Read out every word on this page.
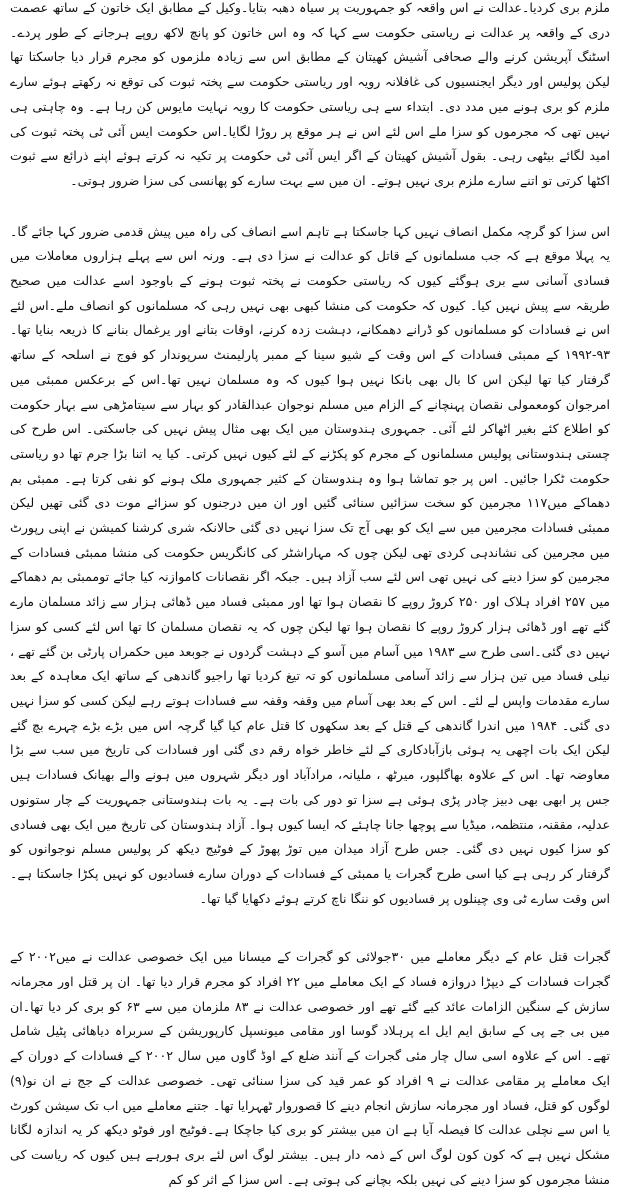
ملزم بری کردیا۔عدالت نے اس واقعہ کو جمہوریت پر سیاہ دھبہ بتایا۔وکیل کے مطابق ایک خاتون کے ساتھ عصمت دری کے واقعہ پر عدالت نے ریاستی حکومت سے کہا کہ وہ اس خاتون کو پانچ لاکھ روپے ہرجانے کے طور پردے۔اسٹنگ آپریشن کرنے والے صحافی آشیش کھیتان کے مطابق اس سے زیادہ ملزموں کو مجرم قرار دیا جاسکتا تھا لیکن پولیس اور دیگر ایجنسیوں کی غافلانہ رویہ اور ریاستی حکومت سے پختہ ثبوت کی توقع نہ رکھتے ہوئے سارے ملزم کو بری ہونے میں مدد دی۔ ابتداء سے ہی ریاستی حکومت کا رویہ نہایت مایوس کن رہا ہے۔ وہ چاہتی ہی نہیں تھی کہ مجرموں کو سزا ملے اس لئے اس نے ہر موقع پر روڑا لگایا۔اس حکومت ایس آئی ٹی پختہ ثبوت کی امید لگائے بیٹھی رہی۔ بقول آشیش کھیتان کے اگر ایس آئی ٹی حکومت پر تکیہ نہ کرتے ہوئے اپنے ذرائع سے ثبوت اکٹھا کرتی تو اتنے سارے ملزم بری نہیں ہوتے۔ ان میں سے بہت سارے کو پھانسی کی سزا ضرور ہوتی۔

اس سزا کو گرچہ مکمل انصاف نہیں کہا جاسکتا ہے تاہم اسے انصاف کی راہ میں پیش قدمی ضرور کہا جائے گا۔یہ پہلا موقع ہے کہ جب مسلمانوں کے قاتل کو عدالت نے سزا دی ہے۔ ورنہ اس سے پہلے ہزاروں معاملات میں فسادی آسانی سے بری ہوگئے کیوں کہ ریاستی حکومت نے پختہ ثبوت ہونے کے باوجود اسے عدالت میں صحیح طریقہ سے پیش نہیں کیا۔ کیوں کہ حکومت کی منشا کبھی بھی نہیں رہی کہ مسلمانوں کو انصاف ملے۔اس لئے اس نے فسادات کو مسلمانوں کو ڈرانے دھمکانے، دہشت زدہ کرنے، اوقات بتانے اور یرغمال بنانے کا ذریعہ بنایا تھا۔ ۹۳-۱۹۹۲ کے ممبئی فسادات کے اس وقت کے شیو سینا کے ممبر پارلیمنٹ سرپوندار کو فوج نے اسلحہ کے ساتھ گرفتار کیا تھا لیکن اس کا بال بھی بانکا نہیں ہوا کیوں کہ وہ مسلمان نہیں تھا۔اس کے برعکس ممبئی میں امرجوان کومعمولی نقصان پہنچانے کے الزام میں مسلم نوجوان عبدالقادر کو بہار سے سیتامڑھی سے بہار حکومت کو اطلاع کئے بغیر اٹھاکر لئے آئی۔ جمہوری ہندوستان میں ایک بھی مثال پیش نہیں کی جاسکتی۔ اس طرح کی چستی ہندوستانی پولیس مسلمانوں کے مجرم کو پکڑنے کے لئے کیوں نہیں کرتی۔ کیا یہ اتنا بڑا جرم تھا دو ریاستی حکومت ٹکرا جائیں۔ اس پر جو تماشا ہوا وہ ہندوستان کے کثیر جمہوری ملک ہونے کو نفی کرتا ہے۔ ممبئی بم دھماکے میں۱۱۷ مجرمین کو سخت سزائیں سنائی گئیں اور ان میں درجنوں کو سزائے موت دی گئی تھیں لیکن ممبئی فسادات مجرمین میں سے ایک کو بھی آج تک سزا نہیں دی گئی حالانکہ شری کرشنا کمیشن نے اپنی رپورٹ میں مجرمین کی نشاندہی کردی تھی لیکن چوں کہ مہاراشٹر کی کانگریس حکومت کی منشا ممبئی فسادات کے مجرمین کو سزا دینے کی نہیں تھی اس لئے سب آزاد ہیں۔ جبکہ اگر نقصانات کاموازنہ کیا جائے توممبئی بم دھماکے میں ۲۵۷ افراد ہلاک اور ۲۵۰ کروڑ روپے کا نقصان ہوا تھا اور ممبئی فساد میں ڈھائی ہزار سے زائد مسلمان مارے گئے تھے اور ڈھائی ہزار کروڑ روپے کا نقصان ہوا تھا لیکن چوں کہ یہ نقصان مسلمان کا تھا اس لئے کسی کو سزا نہیں دی گئی۔اسی طرح سے ۱۹۸۳ میں آسام میں آسو کے دہشت گردوں نے جوبعد میں حکمراں پارٹی بن گئے تھے ، نیلی فساد میں تین ہزار سے زائد آسامی مسلمانوں کو تہ تیغ کردیا تھا راجیو گاندھی کے ساتھ ایک معاہدہ کے بعد سارے مقدمات واپس لے لئے۔ اس کے بعد بھی آسام میں وقفہ وقفہ سے فسادات ہوتے رہے لیکن کسی کو سزا نہیں دی گئی۔ ۱۹۸۴ میں اندرا گاندھی کے قتل کے بعد سکھوں کا قتل عام کیا گیا گرچہ اس میں بڑے بڑے چہرے بچ گئے لیکن ایک بات اچھی یہ ہوئی بازآبادکاری کے لئے خاطر خواہ رقم دی گئی اور فسادات کی تاریخ میں سب سے بڑا معاوضہ تھا۔ اس کے علاوہ بھاگلپور، میرٹھ ، ملیانہ، مرادآباد اور دیگر شہروں میں ہونے والے بھیانک فسادات ہیں جس پر ابھی بھی دبیز چادر پڑی ہوئی ہے سزا تو دور کی بات ہے۔ یہ بات ہندوستانی جمہوریت کے چار ستونوں عدلیہ، مققنہ، منتظمہ، میڈیا سے پوچھا جانا چاہئے کہ ایسا کیوں ہوا۔ آزاد ہندوستان کی تاریخ میں ایک بھی فسادی کو سزا کیوں نہیں دی گئی۔ جس طرح آزاد میدان میں توڑ پھوڑ کے فوٹیج دیکھ کر پولیس مسلم نوجوانوں کو گرفتار کر رہی ہے کیا اسی طرح گجرات یا ممبئی کے فسادات کے دوران سارے فسادیوں کو نہیں پکڑا جاسکتا ہے۔ اس وقت سارے ٹی وی چینلوں پر فسادیوں کو ننگا ناچ کرتے ہوئے دکھایا گیا تھا۔

گجرات قتل عام کے دیگر معاملے میں ۳۰جولائی کو گجرات کے میسانا میں ایک خصوصی عدالت نے میں۲۰۰۲ کے گجرات فسادات کے دیپڑا دروازہ فساد کے ایک معاملے میں ۲۲ افراد کو مجرم قرار دیا تھا۔ ان پر قتل اور مجرمانہ سازش کے سنگین الزامات عائد کیے گئے تھے اور خصوصی عدالت نے ۸۳ ملزمان میں سے ۶۳ کو بری کر دیا تھا۔ان میں بی جے پی کے سابق ایم ایل اے پرہلاد گوسا اور مقامی میونسپل کارپوریشن کے سربراہ دیاھائی پٹیل شامل تھے۔ اس کے علاوہ اسی سال چار مئی گجرات کے آنند ضلع کے اوڈ گاوں میں سال ۲۰۰۲ کے فسادات کے دوران کے ایک معاملے پر مقامی عدالت نے ۹ افراد کو عمر قید کی سزا سنائی تھی۔ خصوصی عدالت کے جج نے ان نو(۹) لوگوں کو قتل، فساد اور مجرمانہ سازش انجام دینے کا قصوروار ٹھہرایا تھا۔ جتنے معاملے میں اب تک سیشن کورٹ یا اس سے نچلی عدالت کا فیصلہ آیا ہے ان میں بیشتر کو بری کیا جاچکا ہے۔فوٹیج اور فوٹو دیکھ کر یہ اندازہ لگانا مشکل نہیں ہے کہ کون کون لوگ اس کے ذمہ دار ہیں۔ بیشتر لوگ اس لئے بری ہورہے ہیں کیوں کہ ریاست کی منشا مجرموں کو سزا دینے کی نہیں بلکہ بچانے کی ہوتی ہے۔ اس سزا کے اثر کو کم
